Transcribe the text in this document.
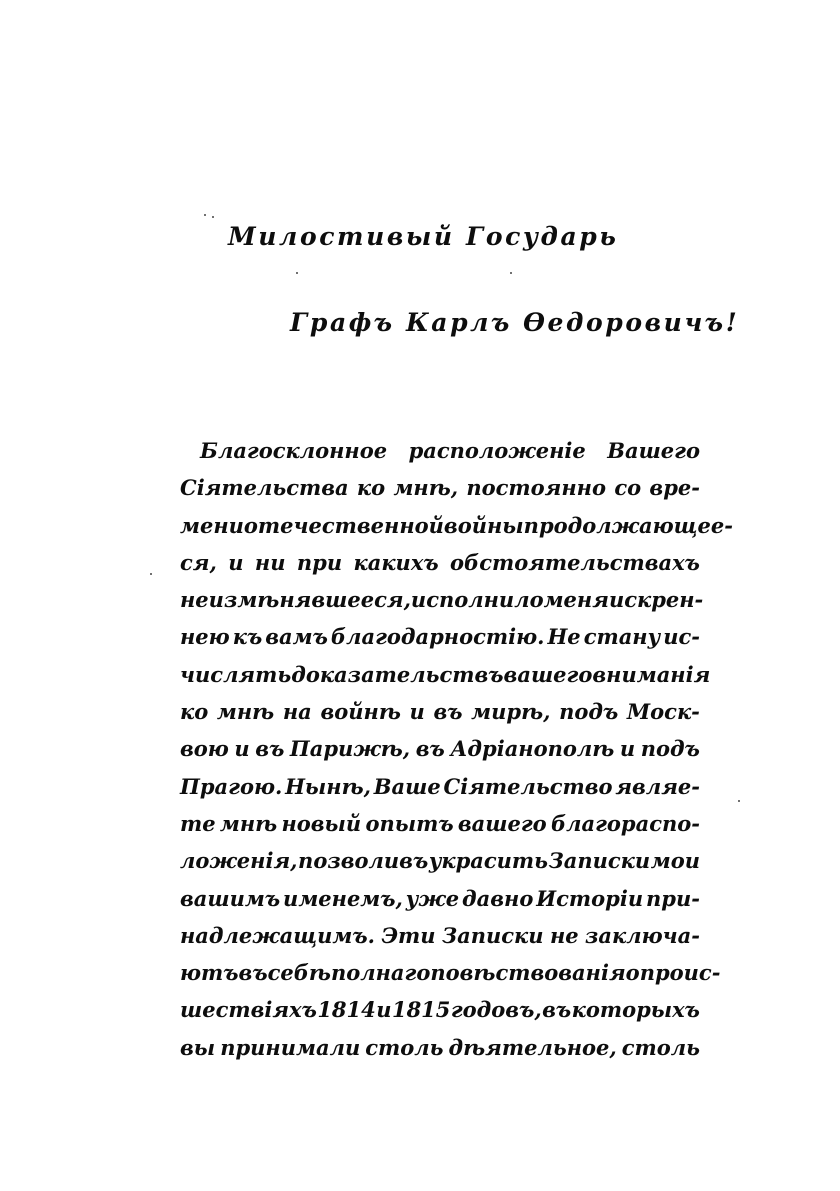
Милостивый Государь
Графъ Карлъ Өедоровичъ!
Благосклонное расположеніе Вашего
Сіятельства ко мнѣ, постоянно со вре-
мени отечественной войны продолжающее-
ся, и ни при какихъ обстоятельствахъ
не измѣнявшееся, исполнило меня искрен-
нею къ вамъ благодарностію. Не стану ис-
числять доказательствъ вашего вниманія
ко мнѣ на войнѣ и въ мирѣ, подъ Моск-
вою и въ Парижѣ, въ Адріанополѣ и подъ
Прагою. Нынѣ, Ваше Сіятельство являе-
те мнѣ новый опытъ вашего благораспо-
ложенія, позволивъ украсить Записки мои
вашимъ именемъ, уже давно Исторіи при-
надлежащимъ. Эти Записки не заключа-
ютъ въ себѣ полнаго повѣствованія о проис-
шествіяхъ 1814 и 1815 годовъ, въ которыхъ
вы принимали столь дѣятельное, столь
